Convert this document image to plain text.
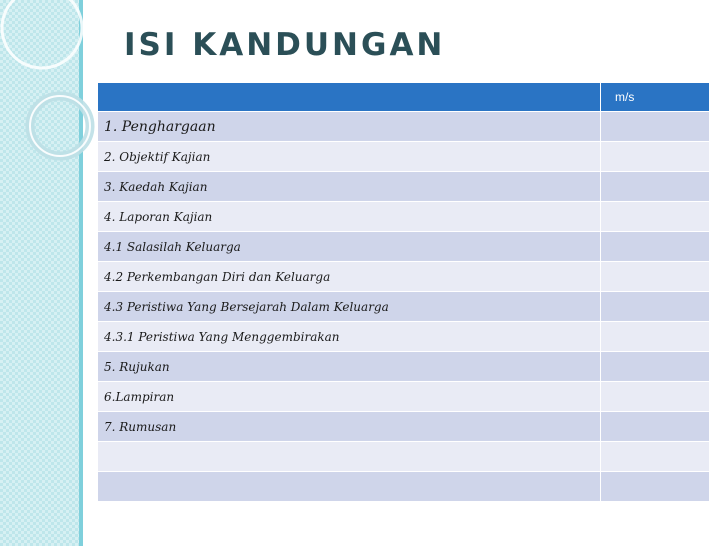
ISI KANDUNGAN
	m/s
1. Penghargaan	
2. Objektif Kajian	
3. Kaedah Kajian	
4. Laporan Kajian	
4.1 Salasilah Keluarga	
4.2 Perkembangan Diri dan Keluarga	
4.3 Peristiwa Yang Bersejarah Dalam Keluarga	
4.3.1 Peristiwa Yang Menggembirakan	
5. Rujukan	
6.Lampiran	
7. Rumusan	
